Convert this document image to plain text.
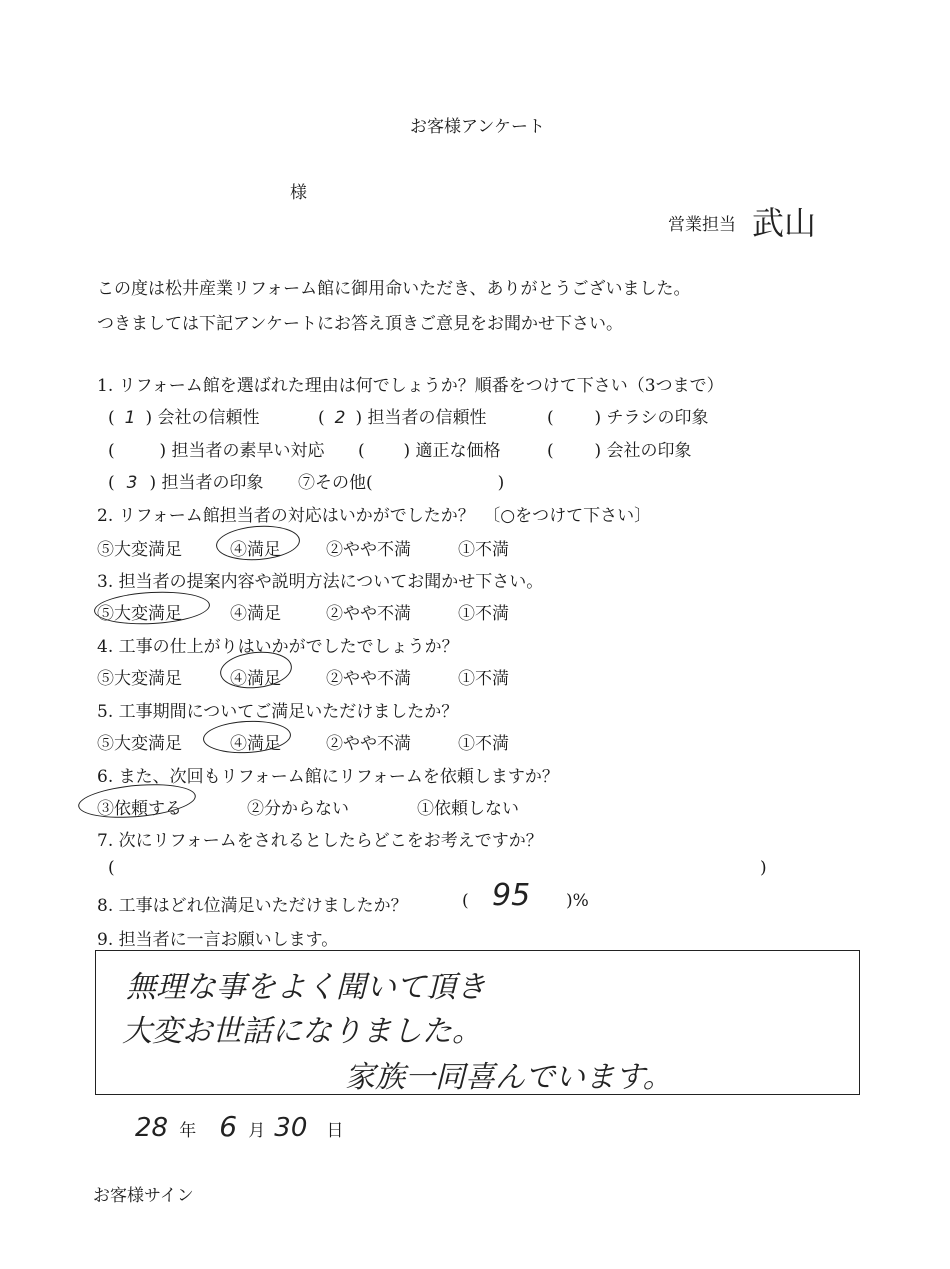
お客様アンケート
様
営業担当 武山
この度は松井産業リフォーム館に御用命いただき、ありがとうございました。
つきましては下記アンケートにお答え頂きご意見をお聞かせ下さい。
1. リフォーム館を選ばれた理由は何でしょうか？順番をつけて下さい（3つまで）
( 1 ) 会社の信頼性	( 2 ) 担当者の信頼性	(  ) チラシの印象
(  ) 担当者の素早い対応 (  ) 適正な価格	(  ) 会社の印象
( 3 ) 担当者の印象 ⑦その他(	)
2. リフォーム館担当者の対応はいかがでしたか？　〔○をつけて下さい〕
⑤大変満足	④満足	②やや不満	①不満
3. 担当者の提案内容や説明方法についてお聞かせ下さい。
⑤大変満足	④満足	②やや不満	①不満
4. 工事の仕上がりはいかがでしたでしょうか？
⑤大変満足	④満足	②やや不満	①不満
5. 工事期間についてご満足いただけましたか？
⑤大変満足	④満足	②やや不満	①不満
6. また、次回もリフォーム館にリフォームを依頼しますか？
③依頼する	②分からない	①依頼しない
7. 次にリフォームをされるとしたらどこをお考えですか？
(	)
8. 工事はどれ位満足いただけましたか？	( 95 )%
9. 担当者に一言お願いします。
無理な事をよく聞いて頂き
大変お世話になりました。
家族一同喜んでいます。
28 年 6 月 30 日
お客様サイン
